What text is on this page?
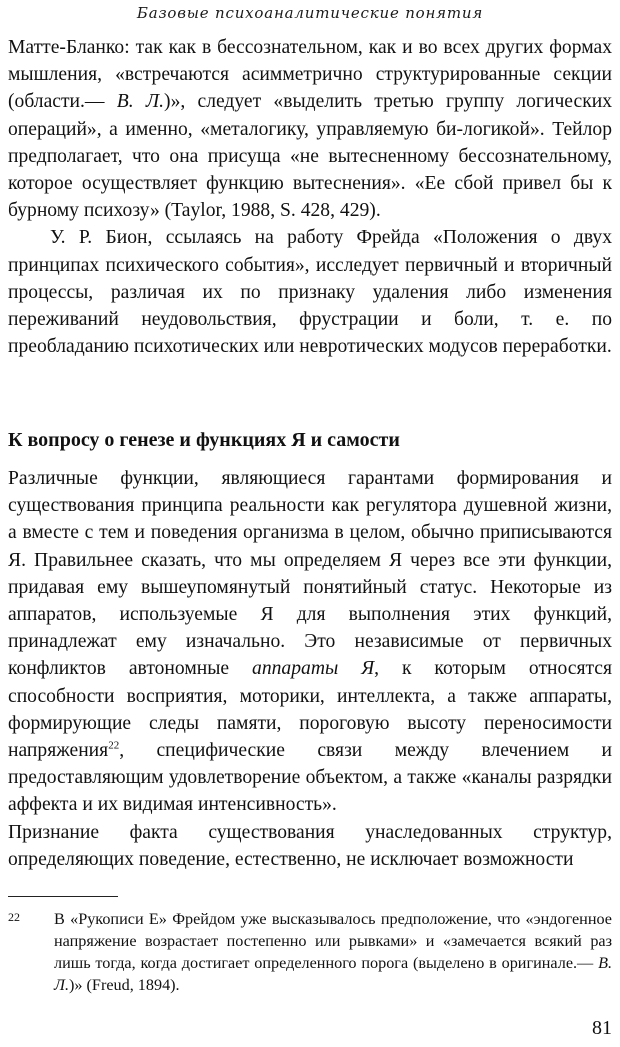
Базовые психоаналитические понятия

Матте-Бланко: так как в бессознательном, как и во всех других формах мышления, «встречаются асимметрично структурированные секции (области.— В. Л.)», следует «выделить третью группу логических операций», а именно, «металогику, управляемую би-логикой». Тейлор предполагает, что она присуща «не вытесненному бессознательному, которое осуществляет функцию вытеснения». «Ее сбой привел бы к бурному психозу» (Taylor, 1988, S. 428, 429).

У. Р. Бион, ссылаясь на работу Фрейда «Положения о двух принципах психического события», исследует первичный и вторичный процессы, различая их по признаку удаления либо изменения переживаний неудовольствия, фрустрации и боли, т. е. по преобладанию психотических или невротических модусов переработки.

К вопросу о генезе и функциях Я и самости

Различные функции, являющиеся гарантами формирования и существования принципа реальности как регулятора душевной жизни, а вместе с тем и поведения организма в целом, обычно приписываются Я. Правильнее сказать, что мы определяем Я через все эти функции, придавая ему вышеупомянутый понятийный статус. Некоторые из аппаратов, используемые Я для выполнения этих функций, принадлежат ему изначально. Это независимые от первичных конфликтов автономные аппараты Я, к которым относятся способности восприятия, моторики, интеллекта, а также аппараты, формирующие следы памяти, пороговую высоту переносимости напряжения$^{22}$, специфические связи между влечением и предоставляющим удовлетворение объектом, а также «каналы разрядки аффекта и их видимая интенсивность».

Признание факта существования унаследованных структур, определяющих поведение, естественно, не исключает возможности

22 В «Рукописи Е» Фрейдом уже высказывалось предположение, что «эндогенное напряжение возрастает постепенно или рывками» и «замечается всякий раз лишь тогда, когда достигает определенного порога (выделено в оригинале.— В. Л.)» (Freud, 1894).
81
